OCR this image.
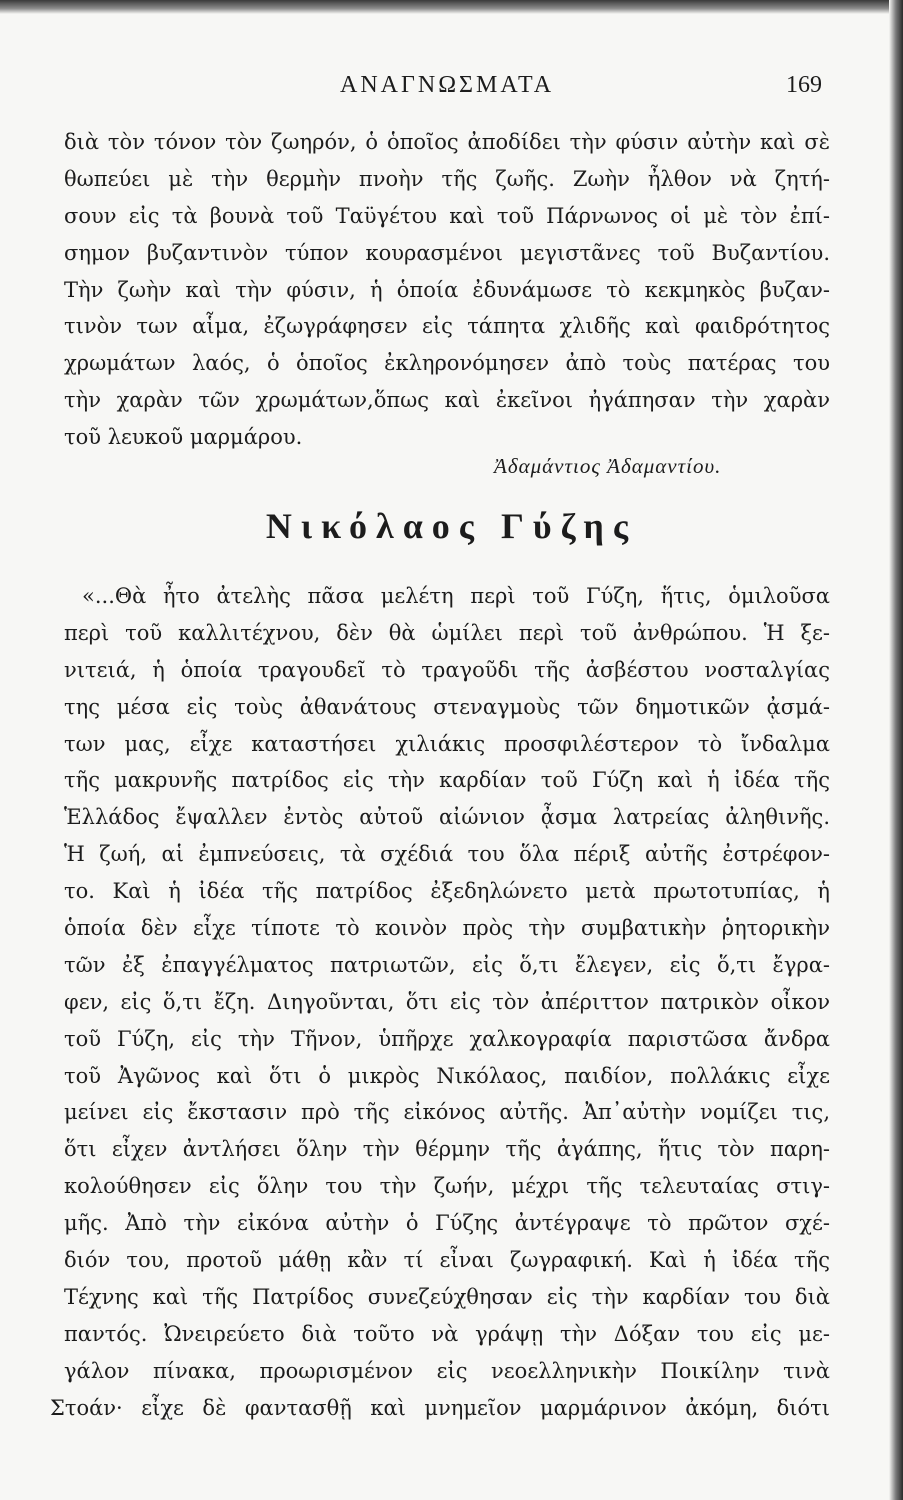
ΑΝΑΓΝΩΣΜΑΤΑ	169
διὰ τὸν τόνον τὸν ζωηρόν, ὁ ὁποῖος ἀποδίδει τὴν φύσιν αὐτὴν καὶ σὲ
θωπεύει μὲ τὴν θερμὴν πνοὴν τῆς ζωῆς. Ζωὴν ἦλθον νὰ ζητή-
σουν εἰς τὰ βουνὰ τοῦ Ταϋγέτου καὶ τοῦ Πάρνωνος οἱ μὲ τὸν ἐπί-
σημον βυζαντινὸν τύπον κουρασμένοι μεγιστᾶνες τοῦ Βυζαντίου.
Τὴν ζωὴν καὶ τὴν φύσιν, ἡ ὁποία ἐδυνάμωσε τὸ κεκμηκὸς βυζαν-
τινὸν των αἷμα, ἐζωγράφησεν εἰς τάπητα χλιδῆς καὶ φαιδρότητος
χρωμάτων λαός, ὁ ὁποῖος ἐκληρονόμησεν ἀπὸ τοὺς πατέρας του
τὴν χαρὰν τῶν χρωμάτων,ὅπως καὶ ἐκεῖνοι ἠγάπησαν τὴν χαρὰν
τοῦ λευκοῦ μαρμάρου.
Ἀδαμάντιος Ἀδαμαντίου.
Νικόλαος Γύζης
«...Θὰ ἦτο ἀτελὴς πᾶσα μελέτη περὶ τοῦ Γύζη, ἥτις, ὁμιλοῦσα
περὶ τοῦ καλλιτέχνου, δὲν θὰ ὡμίλει περὶ τοῦ ἀνθρώπου. Ἡ ξε-
νιτειά, ἡ ὁποία τραγουδεῖ τὸ τραγοῦδι τῆς ἀσβέστου νοσταλγίας
της μέσα εἰς τοὺς ἀθανάτους στεναγμοὺς τῶν δημοτικῶν ᾀσμά-
των μας, εἶχε καταστήσει χιλιάκις προσφιλέστερον τὸ ἴνδαλμα
τῆς μακρυνῆς πατρίδος εἰς τὴν καρδίαν τοῦ Γύζη καὶ ἡ ἰδέα τῆς
Ἑλλάδος ἔψαλλεν ἐντὸς αὐτοῦ αἰώνιον ᾆσμα λατρείας ἀληθινῆς.
Ἡ ζωή, αἱ ἐμπνεύσεις, τὰ σχέδιά του ὅλα πέριξ αὐτῆς ἐστρέφον-
το. Καὶ ἡ ἰδέα τῆς πατρίδος ἐξεδηλώνετο μετὰ πρωτοτυπίας, ἡ
ὁποία δὲν εἶχε τίποτε τὸ κοινὸν πρὸς τὴν συμβατικὴν ῥητορικὴν
τῶν ἐξ ἐπαγγέλματος πατριωτῶν, εἰς ὅ,τι ἔλεγεν, εἰς ὅ,τι ἔγρα-
φεν, εἰς ὅ,τι ἔζη. Διηγοῦνται, ὅτι εἰς τὸν ἀπέριττον πατρικὸν οἶκον
τοῦ Γύζη, εἰς τὴν Τῆνον, ὑπῆρχε χαλκογραφία παριστῶσα ἄνδρα
τοῦ Ἀγῶνος καὶ ὅτι ὁ μικρὸς Νικόλαος, παιδίον, πολλάκις εἶχε
μείνει εἰς ἔκστασιν πρὸ τῆς εἰκόνος αὐτῆς. Ἀπ᾿αὐτὴν νομίζει τις,
ὅτι εἶχεν ἀντλήσει ὅλην τὴν θέρμην τῆς ἀγάπης, ἥτις τὸν παρη-
κολούθησεν εἰς ὅλην του τὴν ζωήν, μέχρι τῆς τελευταίας στιγ-
μῆς. Ἀπὸ τὴν εἰκόνα αὐτὴν ὁ Γύζης ἀντέγραψε τὸ πρῶτον σχέ-
διόν του, προτοῦ μάθῃ κἂν τί εἶναι ζωγραφική. Καὶ ἡ ἰδέα τῆς
Τέχνης καὶ τῆς Πατρίδος συνεζεύχθησαν εἰς τὴν καρδίαν του διὰ
παντός. Ὠνειρεύετο διὰ τοῦτο νὰ γράψῃ τὴν Δόξαν του εἰς με-
γάλον πίνακα, προωρισμένον εἰς νεοελληνικὴν Ποικίλην τινὰ
Στοάν· εἶχε δὲ φαντασθῇ καὶ μνημεῖον μαρμάρινον ἀκόμη, διότι
